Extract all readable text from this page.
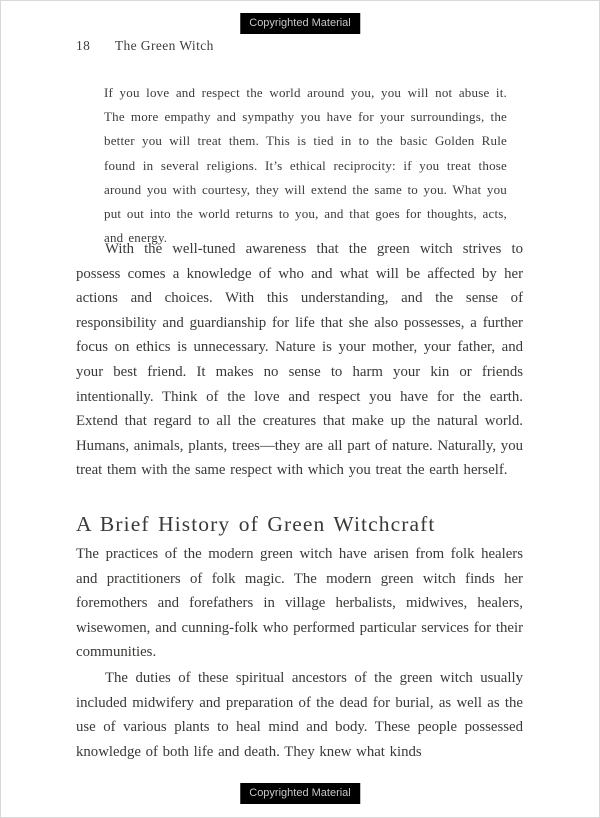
Copyrighted Material
18 The Green Witch
If you love and respect the world around you, you will not abuse it. The more empathy and sympathy you have for your surroundings, the better you will treat them. This is tied in to the basic Golden Rule found in several religions. It’s ethical reciprocity: if you treat those around you with courtesy, they will extend the same to you. What you put out into the world returns to you, and that goes for thoughts, acts, and energy.

With the well-tuned awareness that the green witch strives to possess comes a knowledge of who and what will be affected by her actions and choices. With this understanding, and the sense of responsibility and guardianship for life that she also possesses, a further focus on ethics is unnecessary. Nature is your mother, your father, and your best friend. It makes no sense to harm your kin or friends intentionally. Think of the love and respect you have for the earth. Extend that regard to all the creatures that make up the natural world. Humans, animals, plants, trees—they are all part of nature. Naturally, you treat them with the same respect with which you treat the earth herself.

A Brief History of Green Witchcraft

The practices of the modern green witch have arisen from folk healers and practitioners of folk magic. The modern green witch finds her foremothers and forefathers in village herbalists, midwives, healers, wisewomen, and cunning-folk who performed particular services for their communities.

The duties of these spiritual ancestors of the green witch usually included midwifery and preparation of the dead for burial, as well as the use of various plants to heal mind and body. These people possessed knowledge of both life and death. They knew what kinds

Copyrighted Material
